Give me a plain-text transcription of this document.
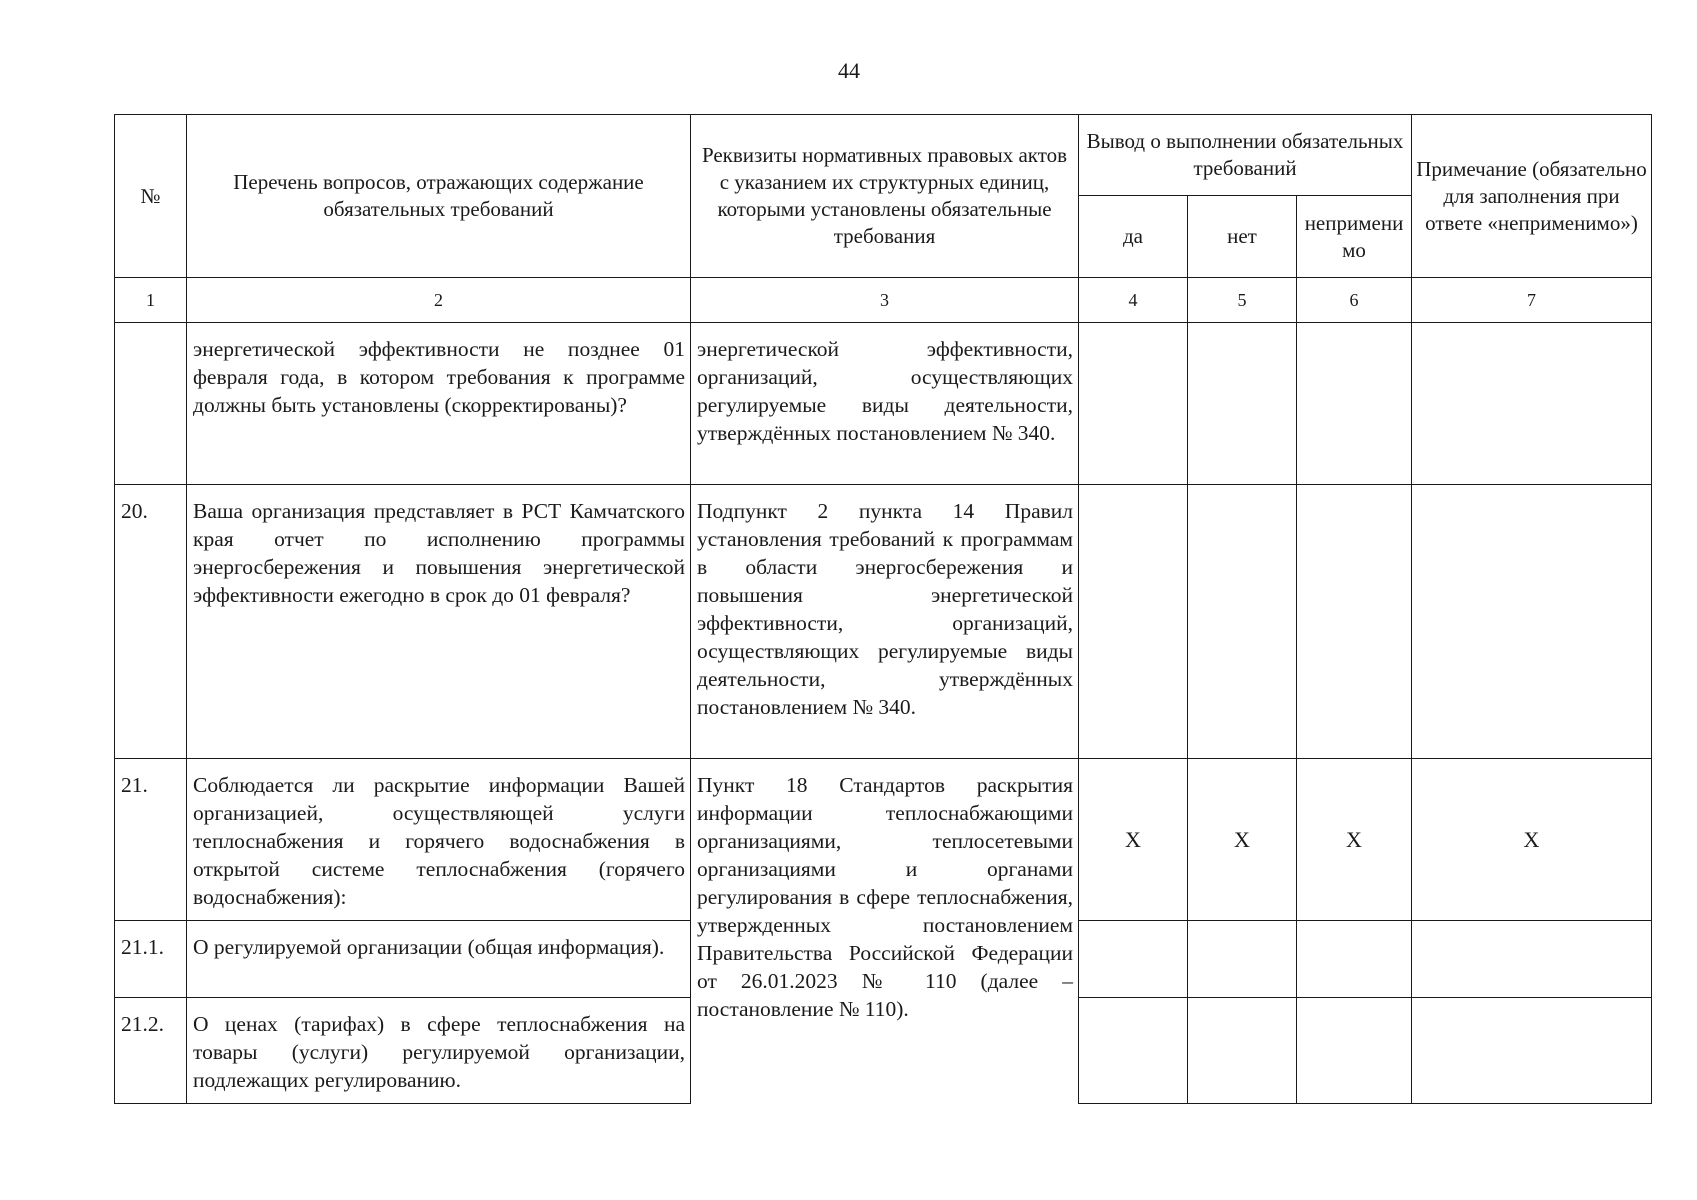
44
№	Перечень вопросов, отражающих содержание обязательных требований	Реквизиты нормативных правовых актов с указанием их структурных единиц, которыми установлены обязательные требования	Вывод о выполнении обязательных требований			Примечание (обязательно для заполнения при ответе «неприменимо»)
			да	нет	неприменимо	
1	2	3	4	5	6	7
	энергетической эффективности не позднее 01 февраля года, в котором требования к программе должны быть установлены (скорректированы)?	энергетической эффективности, организаций, осуществляющих регулируемые виды деятельности, утверждённых постановлением № 340.				
20.	Ваша организация представляет в РСТ Камчатского края отчет по исполнению программы энергосбережения и повышения энергетической эффективности ежегодно в срок до 01 февраля?	Подпункт 2 пункта 14 Правил установления требований к программам в области энергосбережения и повышения энергетической эффективности, организаций, осуществляющих регулируемые виды деятельности, утверждённых постановлением № 340.				
21.	Соблюдается ли раскрытие информации Вашей организацией, осуществляющей услуги теплоснабжения и горячего водоснабжения в открытой системе теплоснабжения (горячего водоснабжения):	Пункт 18 Стандартов раскрытия информации теплоснабжающими организациями, теплосетевыми организациями и органами регулирования в сфере теплоснабжения, утвержденных постановлением Правительства Российской Федерации от 26.01.2023 № 110 (далее – постановление № 110).	X	X	X	X
21.1.	О регулируемой организации (общая информация).					
21.2.	О ценах (тарифах) в сфере теплоснабжения на товары (услуги) регулируемой организации, подлежащих регулированию.					
